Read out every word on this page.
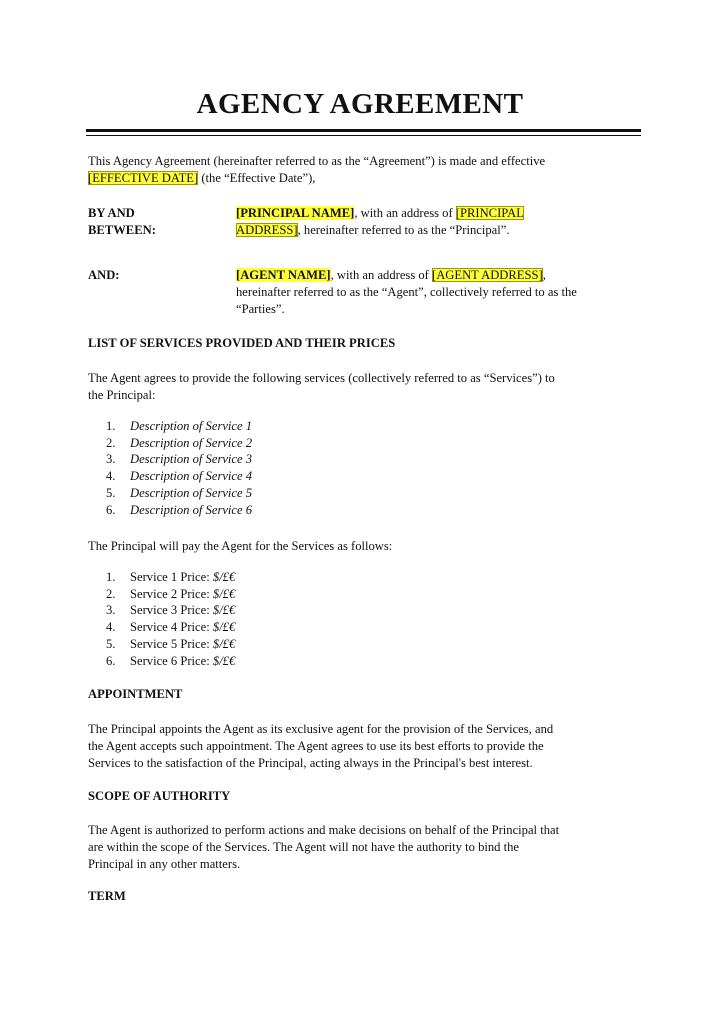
AGENCY AGREEMENT
This Agency Agreement (hereinafter referred to as the “Agreement”) is made and effective
[EFFECTIVE DATE] (the “Effective Date”),
BY AND
BETWEEN:
[PRINCIPAL NAME], with an address of [PRINCIPAL
ADDRESS], hereinafter referred to as the “Principal”.
AND:	[AGENT NAME], with an address of [AGENT ADDRESS],
hereinafter referred to as the “Agent”, collectively referred to as the
“Parties”.
LIST OF SERVICES PROVIDED AND THEIR PRICES
The Agent agrees to provide the following services (collectively referred to as “Services”) to
the Principal:
1. Description of Service 1
2. Description of Service 2
3. Description of Service 3
4. Description of Service 4
5. Description of Service 5
6. Description of Service 6
The Principal will pay the Agent for the Services as follows:
1. Service 1 Price: $/£€
2. Service 2 Price: $/£€
3. Service 3 Price: $/£€
4. Service 4 Price: $/£€
5. Service 5 Price: $/£€
6. Service 6 Price: $/£€
APPOINTMENT
The Principal appoints the Agent as its exclusive agent for the provision of the Services, and
the Agent accepts such appointment. The Agent agrees to use its best efforts to provide the
Services to the satisfaction of the Principal, acting always in the Principal's best interest.
SCOPE OF AUTHORITY
The Agent is authorized to perform actions and make decisions on behalf of the Principal that
are within the scope of the Services. The Agent will not have the authority to bind the
Principal in any other matters.
TERM
